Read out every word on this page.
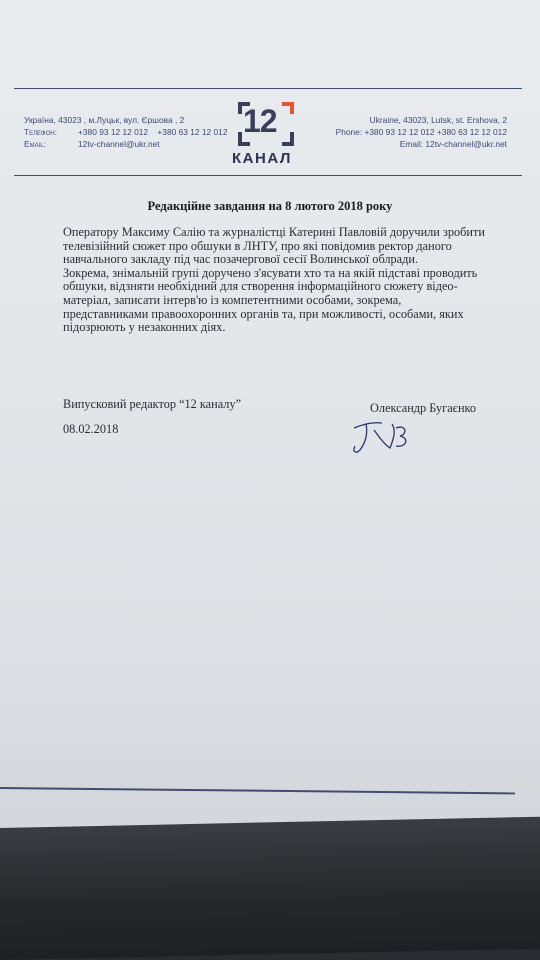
Україна, 43023 , м.Луцьк, вул. Єршова , 2
Телефон:	+380 93 12 12 012 +380 63 12 12 012
Email:	12tv-channel@ukr.net
12
КАНАЛ
Ukraine, 43023, Lutsk, st. Ershova, 2
Phone: +380 93 12 12 012 +380 63 12 12 012
Email: 12tv-channel@ukr.net
Редакційне завдання на 8 лютого 2018 року

Оператору Максиму Салію та журналістці Катерині Павловій доручили зробити
телевізійний сюжет про обшуки в ЛНТУ, про які повідомив ректор даного
навчального закладу під час позачергової сесії Волинської облради.

Зокрема, знімальній групі доручено з'ясувати хто та на якій підставі проводить
обшуки, відзняти необхідний для створення інформаційного сюжету відео-
матеріал, записати інтерв'ю із компетентними особами, зокрема,
представниками правоохоронних органів та, при можливості, особами, яких
підозрюють у незаконних діях.

Випусковий редактор “12 каналу”	Олександр Бугаєнко
08.02.2018
